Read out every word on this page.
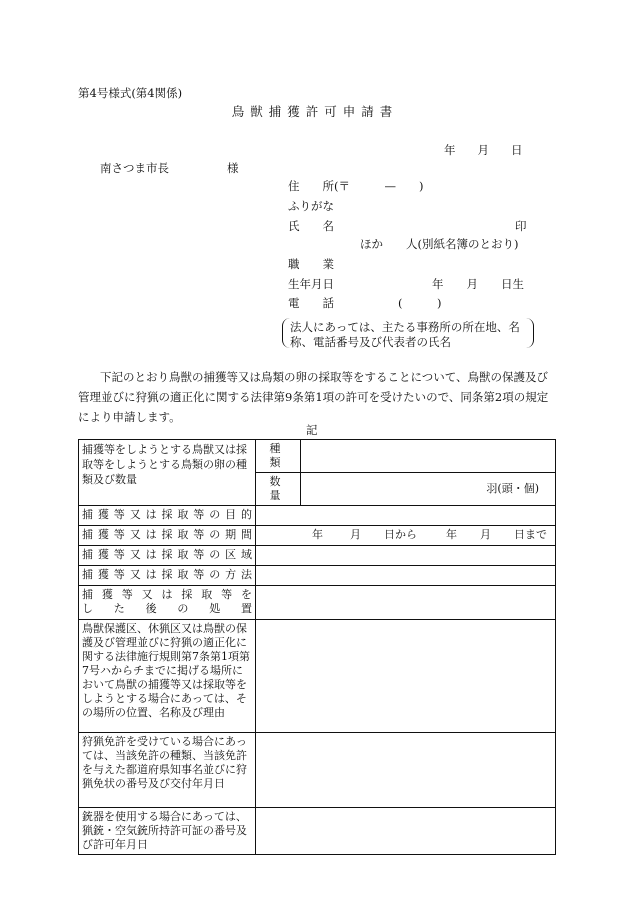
第4号様式(第4関係)
鳥獣捕獲許可申請書
年 月 日
南さつま市長	様
住　　所(〒　　　—　　)
ふりがな
氏　　名	印
ほか　　人(別紙名簿のとおり)
職　　業
生年月日	年　　月　　日生
電　　話	(　　　)
法人にあっては、主たる事務所の所在地、名
称、電話番号及び代表者の氏名
下記のとおり鳥獣の捕獲等又は鳥類の卵の採取等をすることについて、鳥獣の保護及び管理並びに狩猟の適正化に関する法律第9条第1項の許可を受けたいので、同条第2項の規定により申請します。
記
捕獲等をしようとする鳥獣又は採取等をしようとする鳥類の卵の種類及び数量	種　類	
	数　量	羽(頭・個)
捕獲等又は採取等の目的		
捕獲等又は採取等の期間	年 月 日から 年 月 日まで	
捕獲等又は採取等の区域		
捕獲等又は採取等の方法		

捕獲等又は採取等を
した後の処置		

鳥獣保護区、休猟区又は鳥獣の保護及び管理並びに狩猟の適正化に関する法律施行規則第7条第1項第7号ハからチまでに掲げる場所において鳥獣の捕獲等又は採取等をしようとする場合にあっては、その場所の位置、名称及び理由		
狩猟免許を受けている場合にあっては、当該免許の種類、当該免許を与えた都道府県知事名並びに狩猟免状の番号及び交付年月日		
銃器を使用する場合にあっては、猟銃・空気銃所持許可証の番号及び許可年月日		
